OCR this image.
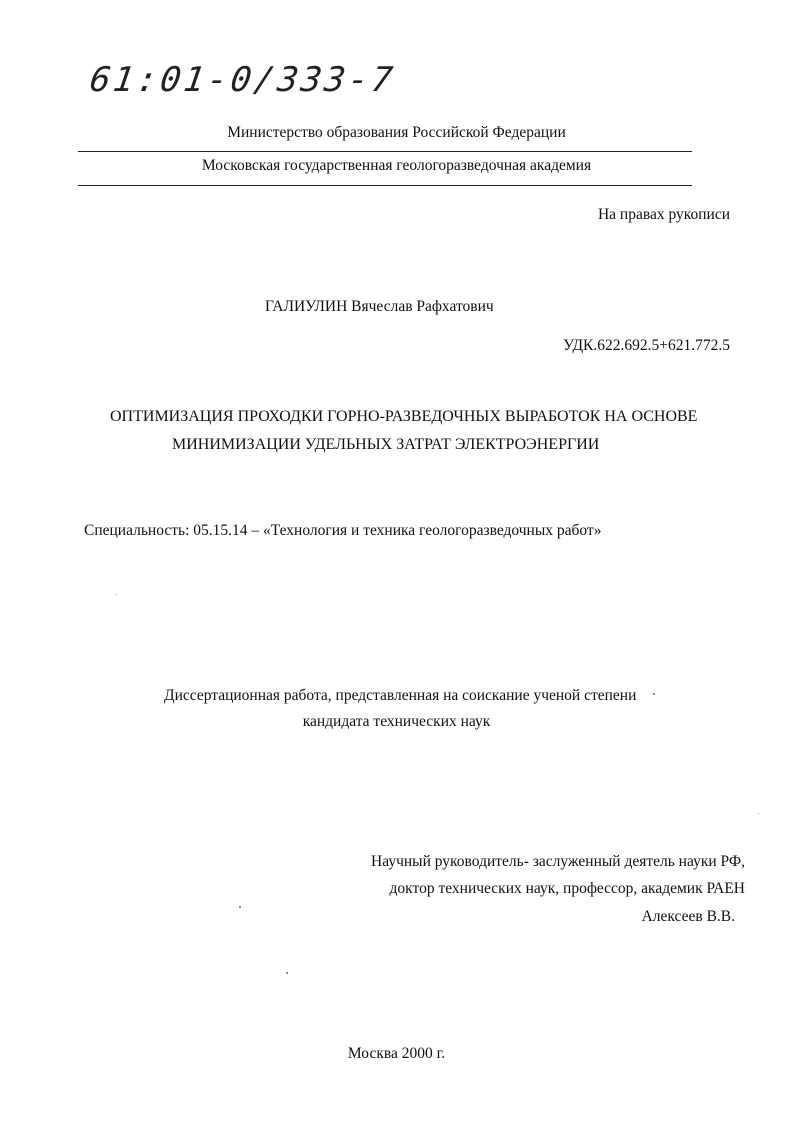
61:01-0/333-7
Министерство образования Российской Федерации
Московская государственная геологоразведочная академия
На правах рукописи
ГАЛИУЛИН Вячеслав Рафхатович
УДК.622.692.5+621.772.5
ОПТИМИЗАЦИЯ ПРОХОДКИ ГОРНО-РАЗВЕДОЧНЫХ ВЫРАБОТОК НА ОСНОВЕ
МИНИМИЗАЦИИ УДЕЛЬНЫХ ЗАТРАТ ЭЛЕКТРОЭНЕРГИИ
Специальность: 05.15.14 – «Технология и техника геологоразведочных работ»
Диссертационная работа, представленная на соискание ученой степени
кандидата технических наук
Научный руководитель- заслуженный деятель науки РФ,
доктор технических наук, профессор, академик РАЕН
Алексеев В.В.
Москва 2000 г.
